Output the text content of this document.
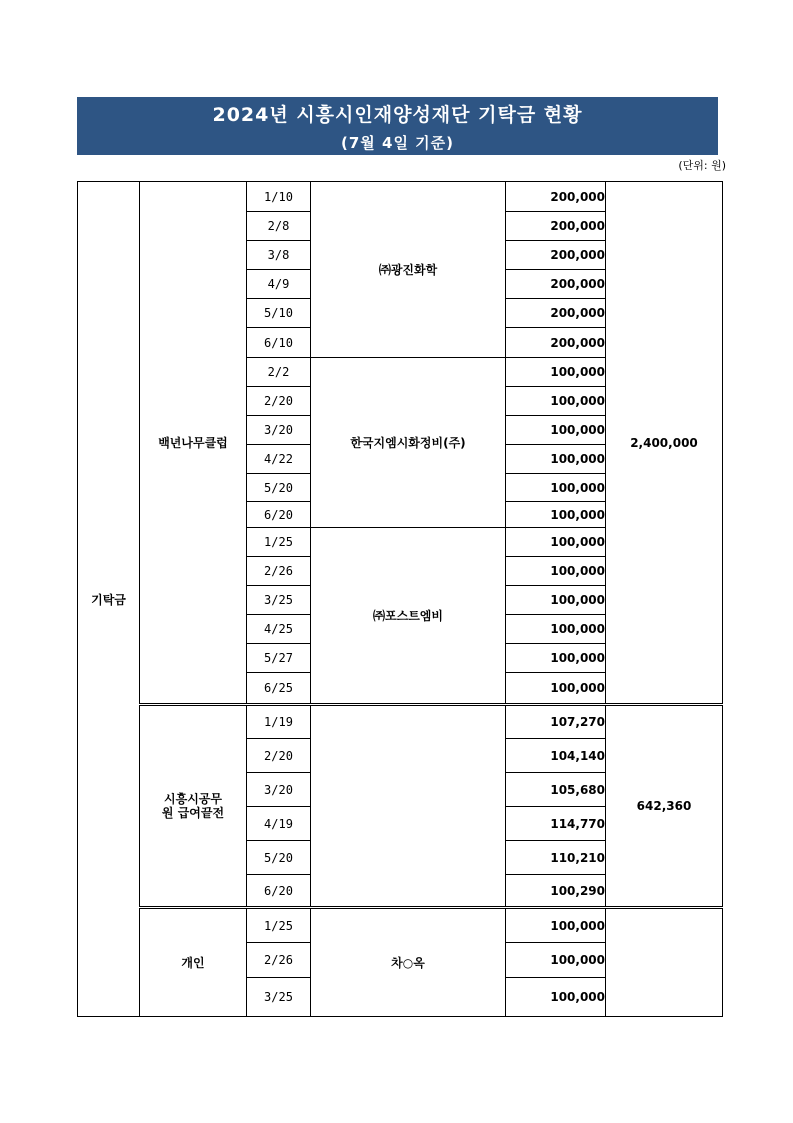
2024년 시흥시인재양성재단 기탁금 현황
(7월 4일 기준)
(단위: 원)
기탁금	백년나무클럽	1/10	㈜광진화학	200,000	2,400,000
		2/8		200,000	
		3/8		200,000	
		4/9		200,000	
		5/10		200,000	
		6/10		200,000	
		2/2	한국지엠시화정비(주)	100,000	
		2/20		100,000	
		3/20		100,000	
		4/22		100,000	
		5/20		100,000	
		6/20		100,000	
		1/25	㈜포스트엠비	100,000	
		2/26		100,000	
		3/25		100,000	
		4/25		100,000	
		5/27		100,000	
		6/25		100,000	
	시흥시공무원 급여끝전	1/19		107,270	642,360
		2/20		104,140	
		3/20		105,680	
		4/19		114,770	
		5/20		110,210	
		6/20		100,290	
	개인	1/25	차○옥	100,000	
		2/26		100,000	
		3/25		100,000	
